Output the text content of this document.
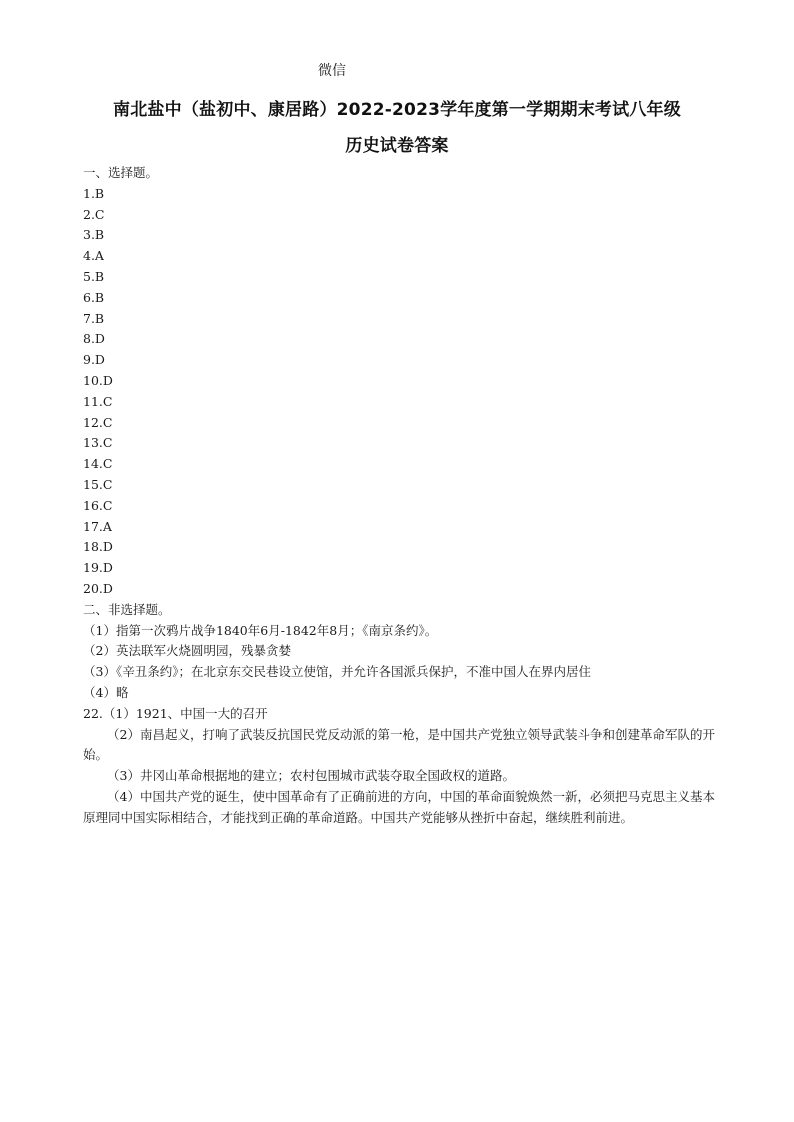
微信
南北盐中（盐初中、康居路）2022-2023学年度第一学期期末考试八年级
历史试卷答案
一、选择题。
1.B
2.C
3.B
4.A
5.B
6.B
7.B
8.D
9.D
10.D
11.C
12.C
13.C
14.C
15.C
16.C
17.A
18.D
19.D
20.D
二、非选择题。
（1）指第一次鸦片战争1840年6月-1842年8月；《南京条约》。
（2）英法联军火烧圆明园，残暴贪婪
（3）《辛丑条约》；在北京东交民巷设立使馆，并允许各国派兵保护，不准中国人在界内居住
（4）略
22.（1）1921、中国一大的召开
（2）南昌起义，打响了武装反抗国民党反动派的第一枪，是中国共产党独立领导武装斗争和创建革命军队的开始。
（3）井冈山革命根据地的建立；农村包围城市武装夺取全国政权的道路。
（4）中国共产党的诞生，使中国革命有了正确前进的方向，中国的革命面貌焕然一新，必须把马克思主义基本原理同中国实际相结合，才能找到正确的革命道路。中国共产党能够从挫折中奋起，继续胜利前进。
